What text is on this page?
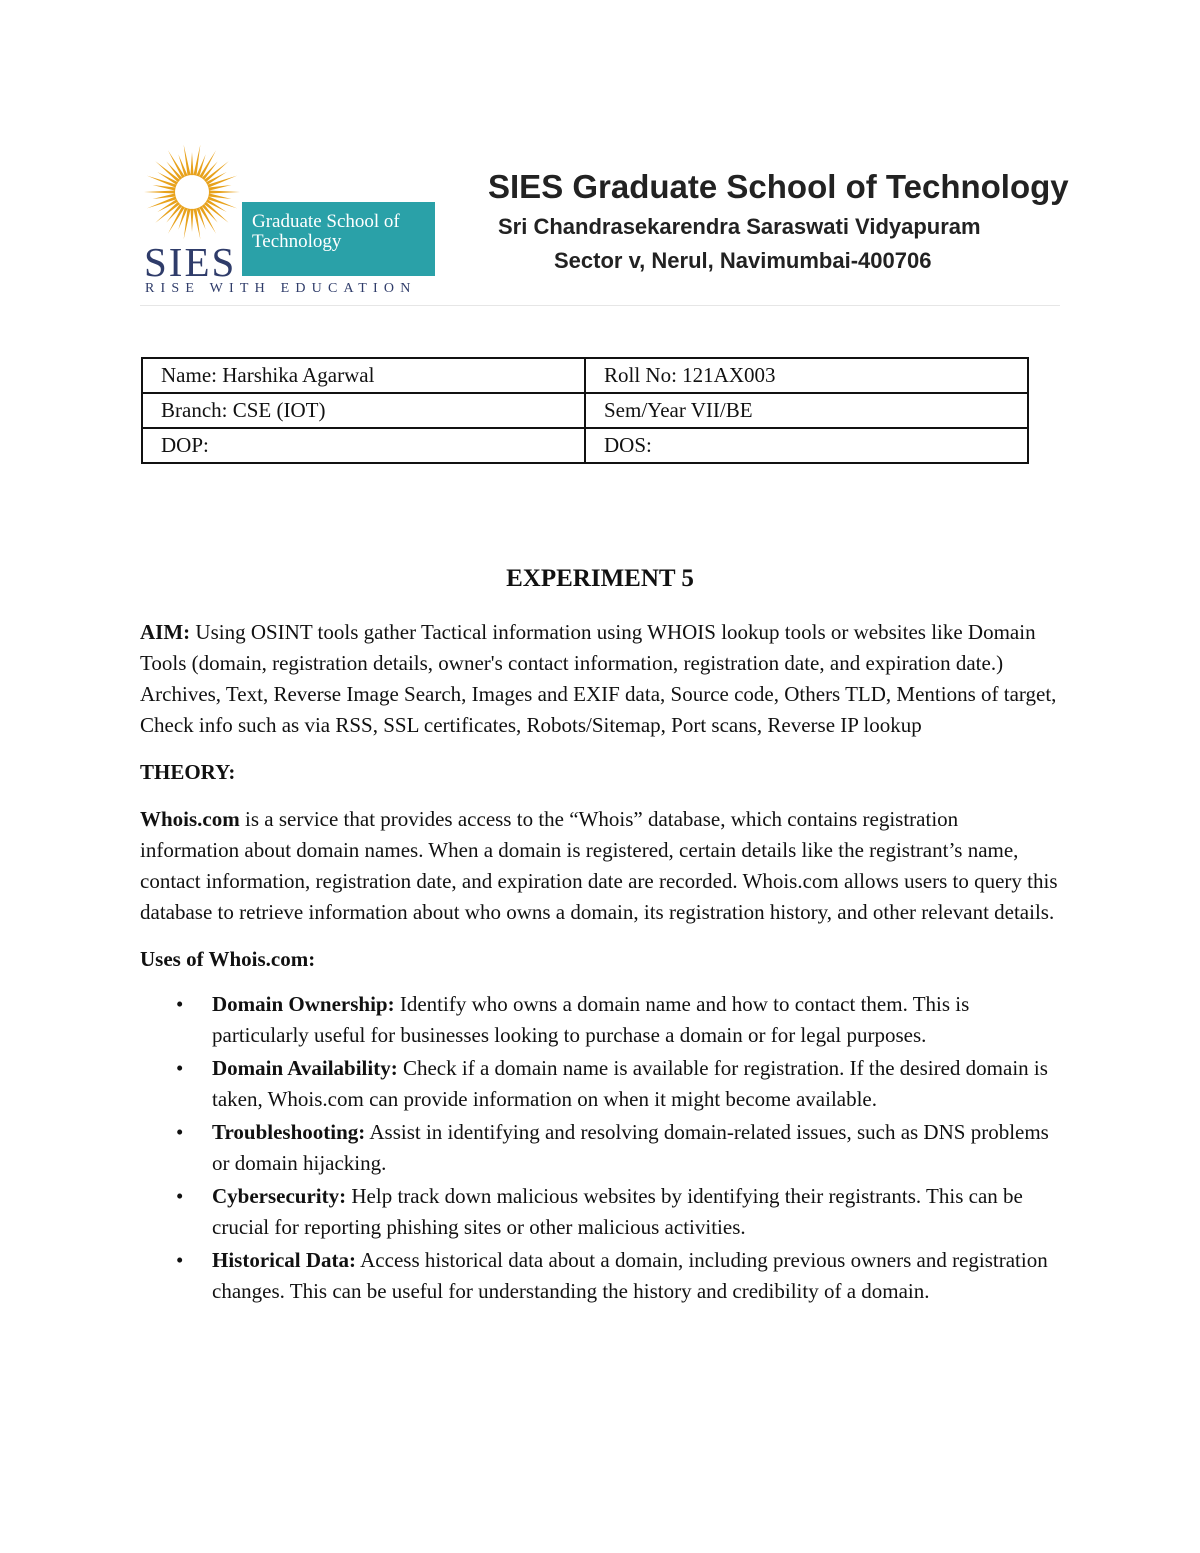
SIES
Graduate School of Technology
RISE WITH EDUCATION

SIES Graduate School of Technology

Sri Chandrasekarendra Saraswati Vidyapuram

Sector v, Nerul, Navimumbai-400706

Name: Harshika Agarwal	Roll No: 121AX003
Branch: CSE (IOT)	Sem/Year VII/BE
DOP:	DOS:
EXPERIMENT 5

AIM: Using OSINT tools gather Tactical information using WHOIS lookup tools or websites like Domain Tools (domain, registration details, owner's contact information, registration date, and expiration date.) Archives, Text, Reverse Image Search, Images and EXIF data, Source code, Others TLD, Mentions of target, Check info such as via RSS, SSL certificates, Robots/Sitemap, Port scans, Reverse IP lookup

THEORY:

Whois.com is a service that provides access to the “Whois” database, which contains registration information about domain names. When a domain is registered, certain details like the registrant’s name, contact information, registration date, and expiration date are recorded. Whois.com allows users to query this database to retrieve information about who owns a domain, its registration history, and other relevant details.

Uses of Whois.com:

• Domain Ownership: Identify who owns a domain name and how to contact them. This is particularly useful for businesses looking to purchase a domain or for legal purposes.
• Domain Availability: Check if a domain name is available for registration. If the desired domain is taken, Whois.com can provide information on when it might become available.
• Troubleshooting: Assist in identifying and resolving domain-related issues, such as DNS problems or domain hijacking.
• Cybersecurity: Help track down malicious websites by identifying their registrants. This can be crucial for reporting phishing sites or other malicious activities.
• Historical Data: Access historical data about a domain, including previous owners and registration changes. This can be useful for understanding the history and credibility of a domain.
